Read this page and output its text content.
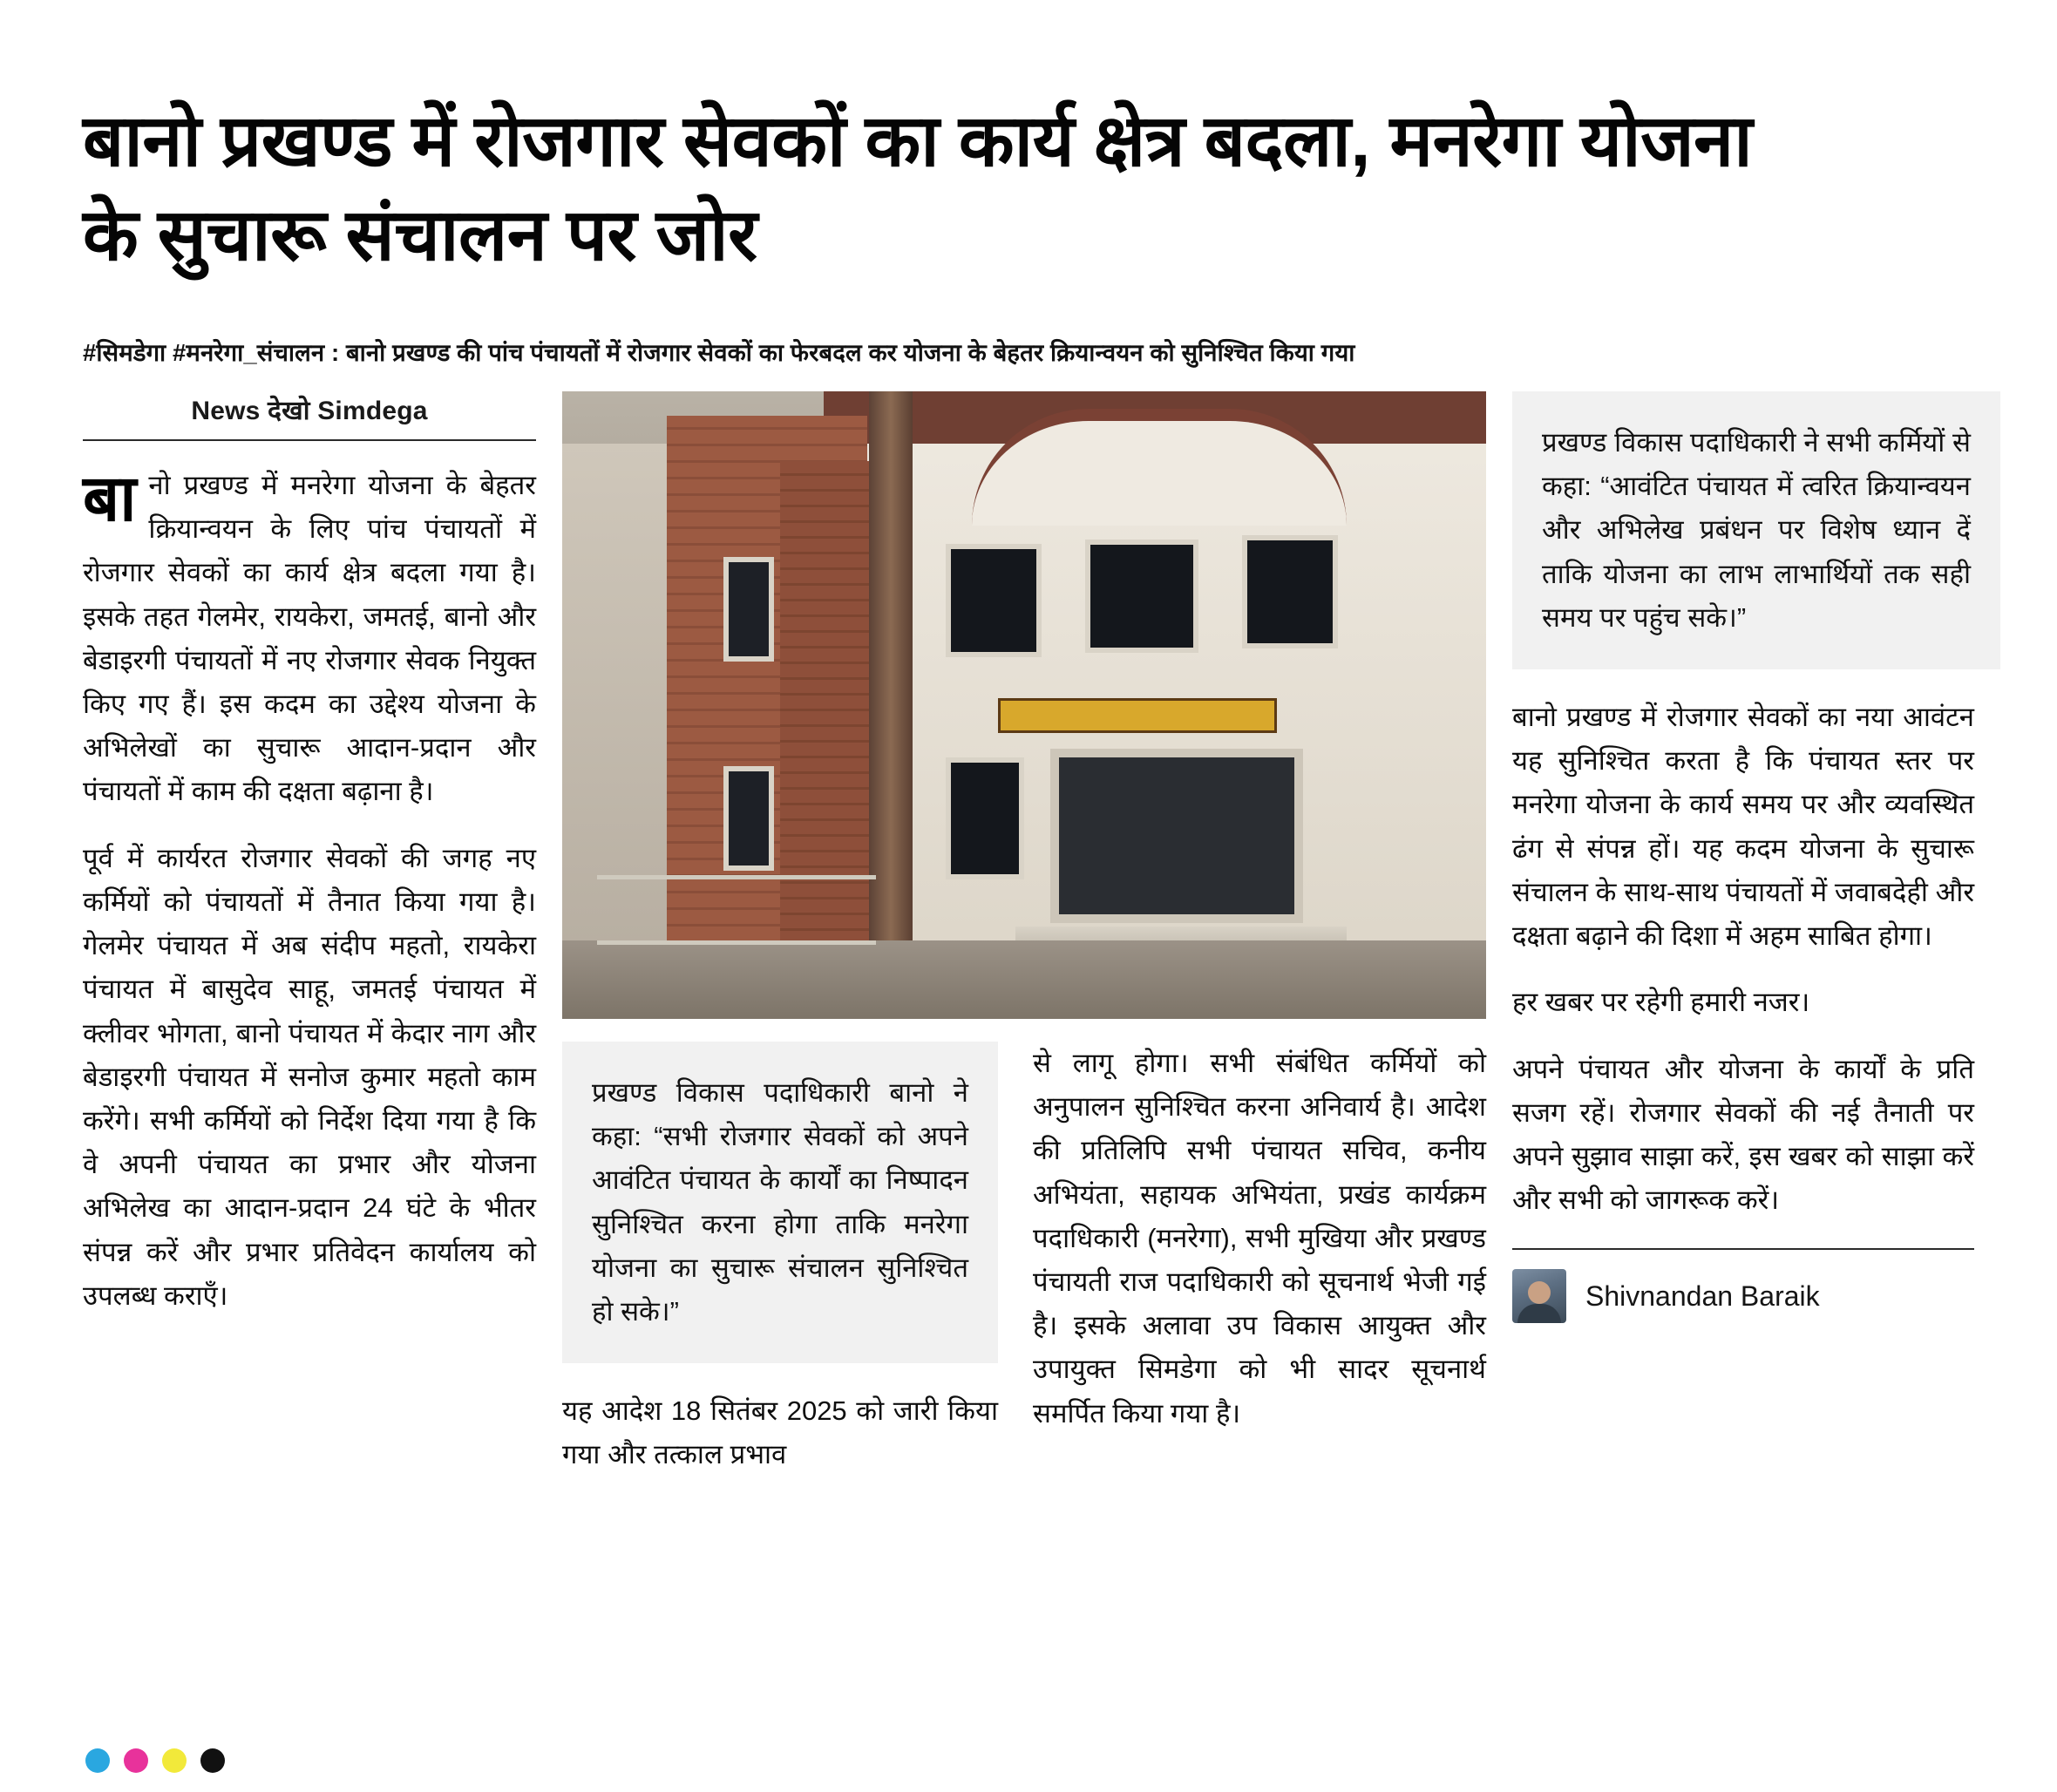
बानो प्रखण्ड में रोजगार सेवकों का कार्य क्षेत्र बदला, मनरेगा योजना के सुचारू संचालन पर जोर
#सिमडेगा #मनरेगा_संचालन : बानो प्रखण्ड की पांच पंचायतों में रोजगार सेवकों का फेरबदल कर योजना के बेहतर क्रियान्वयन को सुनिश्चित किया गया
News देखो Simdega

बानो प्रखण्ड में मनरेगा योजना के बेहतर क्रियान्वयन के लिए पांच पंचायतों में रोजगार सेवकों का कार्य क्षेत्र बदला गया है। इसके तहत गेलमेर, रायकेरा, जमतई, बानो और बेडाइरगी पंचायतों में नए रोजगार सेवक नियुक्त किए गए हैं। इस कदम का उद्देश्य योजना के अभिलेखों का सुचारू आदान-प्रदान और पंचायतों में काम की दक्षता बढ़ाना है।

पूर्व में कार्यरत रोजगार सेवकों की जगह नए कर्मियों को पंचायतों में तैनात किया गया है। गेलमेर पंचायत में अब संदीप महतो, रायकेरा पंचायत में बासुदेव साहू, जमतई पंचायत में क्लीवर भोगता, बानो पंचायत में केदार नाग और बेडाइरगी पंचायत में सनोज कुमार महतो काम करेंगे। सभी कर्मियों को निर्देश दिया गया है कि वे अपनी पंचायत का प्रभार और योजना अभिलेख का आदान-प्रदान 24 घंटे के भीतर संपन्न करें और प्रभार प्रतिवेदन कार्यालय को उपलब्ध कराएँ।

प्रखण्ड विकास पदाधिकारी बानो ने कहा: “सभी रोजगार सेवकों को अपने आवंटित पंचायत के कार्यों का निष्पादन सुनिश्चित करना होगा ताकि मनरेगा योजना का सुचारू संचालन सुनिश्चित हो सके।”

यह आदेश 18 सितंबर 2025 को जारी किया गया और तत्काल प्रभाव

से लागू होगा। सभी संबंधित कर्मियों को अनुपालन सुनिश्चित करना अनिवार्य है। आदेश की प्रतिलिपि सभी पंचायत सचिव, कनीय अभियंता, सहायक अभियंता, प्रखंड कार्यक्रम पदाधिकारी (मनरेगा), सभी मुखिया और प्रखण्ड पंचायती राज पदाधिकारी को सूचनार्थ भेजी गई है। इसके अलावा उप विकास आयुक्त और उपायुक्त सिमडेगा को भी सादर सूचनार्थ समर्पित किया गया है।

प्रखण्ड विकास पदाधिकारी ने सभी कर्मियों से कहा: “आवंटित पंचायत में त्वरित क्रियान्वयन और अभिलेख प्रबंधन पर विशेष ध्यान दें ताकि योजना का लाभ लाभार्थियों तक सही समय पर पहुंच सके।”

बानो प्रखण्ड में रोजगार सेवकों का नया आवंटन यह सुनिश्चित करता है कि पंचायत स्तर पर मनरेगा योजना के कार्य समय पर और व्यवस्थित ढंग से संपन्न हों। यह कदम योजना के सुचारू संचालन के साथ-साथ पंचायतों में जवाबदेही और दक्षता बढ़ाने की दिशा में अहम साबित होगा।

हर खबर पर रहेगी हमारी नजर।

अपने पंचायत और योजना के कार्यों के प्रति सजग रहें। रोजगार सेवकों की नई तैनाती पर अपने सुझाव साझा करें, इस खबर को साझा करें और सभी को जागरूक करें।

Shivnandan Baraik
